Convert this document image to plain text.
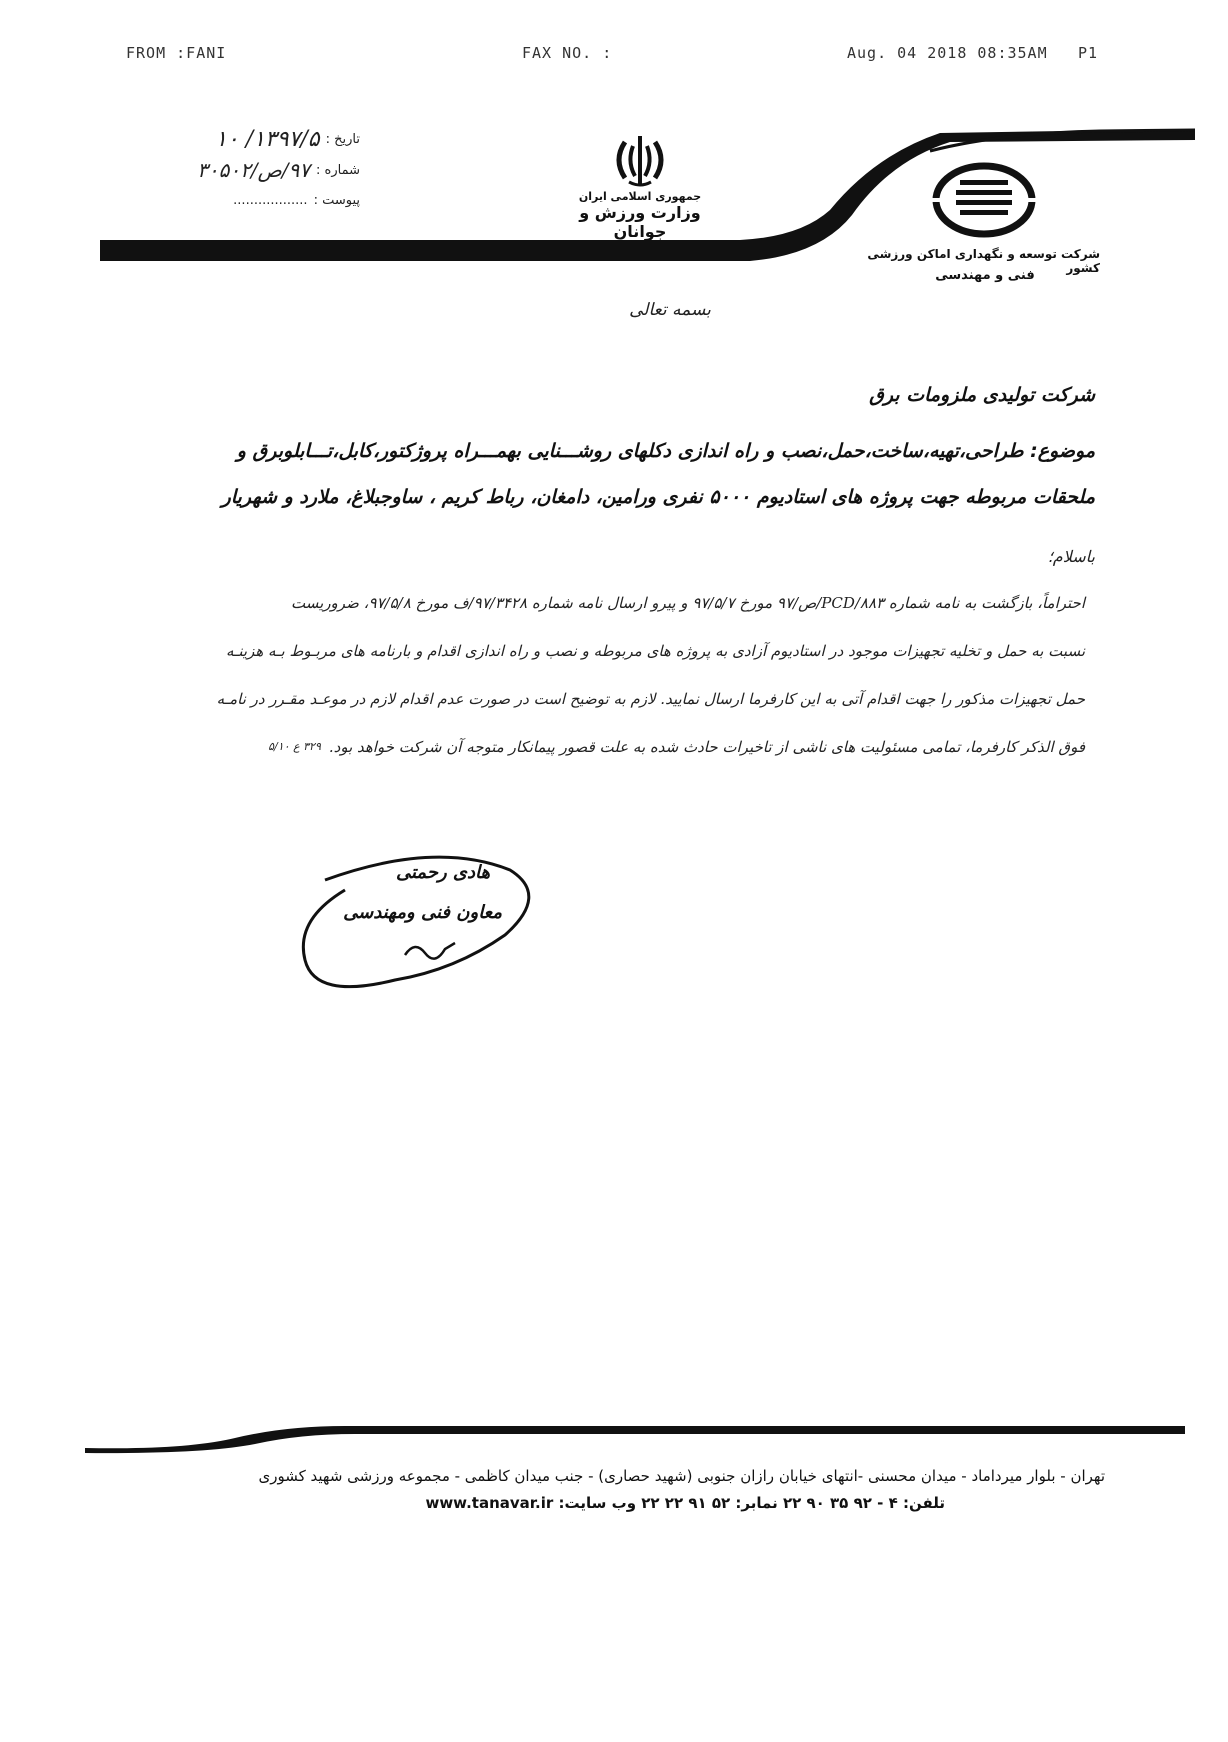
FROM :FANI	FAX NO. :	Aug. 04 2018 08:35AM P1
تاریخ :
۱۳۹۷/۵/ ۱۰
شماره :
۹۷/ص/۳۰۵۰۲
پیوست :
..................	جمهوری اسلامی ایران
وزارت ورزش و جوانان
شرکت توسعه و نگهداری اماکن ورزشی کشور
فنی و مهندسی
بسمه تعالی
شرکت تولیدی ملزومات برق
موضوع: طراحی،تهیه،ساخت،حمل،نصب و راه اندازی دکلهای روشـــنایی بهمـــراه پروژکتور،کابل،تـــابلوبرق و
ملحقات مربوطه جهت پروژه های استادیوم ۵۰۰۰ نفری ورامین، دامغان، رباط کریم ، ساوجبلاغ، ملارد و شهریار
باسلام؛
احتراماً، بازگشت به نامه شماره PCD/۸۸۳/ص/۹۷ مورخ ۹۷/۵/۷ و پیرو ارسال نامه شماره ۹۷/۳۴۲۸/ف مورخ ۹۷/۵/۸، ضروریست
نسبت به حمل و تخلیه تجهیزات موجود در استادیوم آزادی به پروژه های مربوطه و نصب و راه اندازی اقدام و بارنامه های مربـوط بـه هزینـه
حمل تجهیزات مذکور را جهت اقدام آتی به این کارفرما ارسال نمایید. لازم به توضیح است در صورت عدم اقدام لازم در موعـد مقـرر در نامـه
فوق الذکر کارفرما، تمامی مسئولیت های ناشی از تاخیرات حادث شده به علت قصور پیمانکار متوجه آن شرکت خواهد بود.
۳۲۹ ع ۵/۱۰
هادی رحمتی
معاون فنی ومهندسی
تهران - بلوار میرداماد - میدان محسنی -انتهای خیابان رازان جنوبی (شهید حصاری) - جنب میدان کاظمی - مجموعه ورزشی شهید کشوری
تلفن: ۴ - ۹۲ ۳۵ ۹۰ ۲۲ نمابر: ۵۲ ۹۱ ۲۲ ۲۲ وب سایت: www.tanavar.ir
